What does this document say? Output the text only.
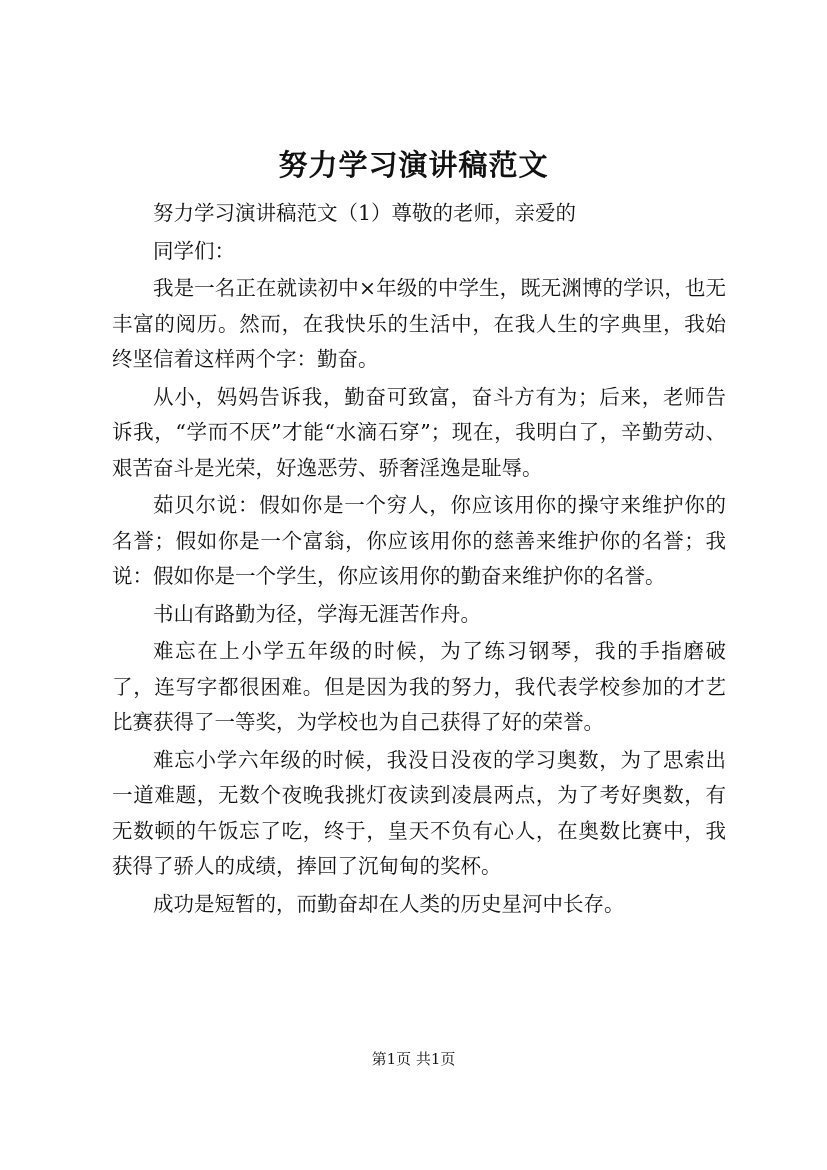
努力学习演讲稿范文

努力学习演讲稿范文（1）尊敬的老师，亲爱的

同学们：

我是一名正在就读初中×年级的中学生，既无渊博的学识，也无丰富的阅历。然而，在我快乐的生活中，在我人生的字典里，我始终坚信着这样两个字：勤奋。

从小，妈妈告诉我，勤奋可致富，奋斗方有为；后来，老师告诉我，“学而不厌”才能“水滴石穿”；现在，我明白了，辛勤劳动、艰苦奋斗是光荣，好逸恶劳、骄奢淫逸是耻辱。

茹贝尔说：假如你是一个穷人，你应该用你的操守来维护你的名誉；假如你是一个富翁，你应该用你的慈善来维护你的名誉；我说：假如你是一个学生，你应该用你的勤奋来维护你的名誉。

书山有路勤为径，学海无涯苦作舟。

难忘在上小学五年级的时候，为了练习钢琴，我的手指磨破了，连写字都很困难。但是因为我的努力，我代表学校参加的才艺比赛获得了一等奖，为学校也为自己获得了好的荣誉。

难忘小学六年级的时候，我没日没夜的学习奥数，为了思索出一道难题，无数个夜晚我挑灯夜读到凌晨两点，为了考好奥数，有无数顿的午饭忘了吃，终于，皇天不负有心人，在奥数比赛中，我获得了骄人的成绩，捧回了沉甸甸的奖杯。

成功是短暂的，而勤奋却在人类的历史星河中长存。

第1页 共1页
